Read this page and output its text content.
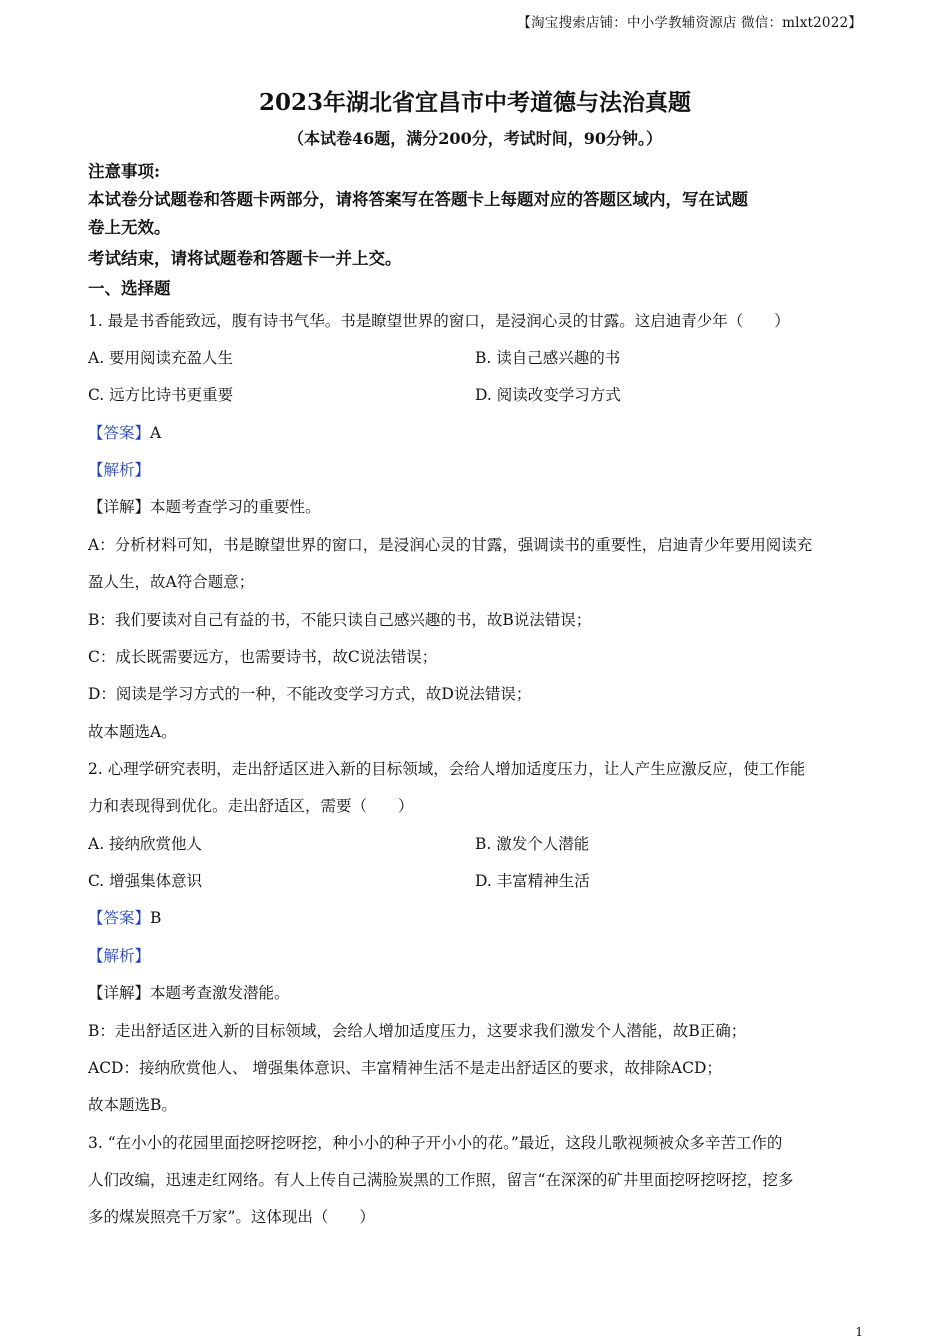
【淘宝搜索店铺：中小学教辅资源店 微信：mlxt2022】
2023年湖北省宜昌市中考道德与法治真题
（本试卷46题，满分200分，考试时间，90分钟。）
注意事项:
本试卷分试题卷和答题卡两部分，请将答案写在答题卡上每题对应的答题区域内，写在试题
卷上无效。
考试结束，请将试题卷和答题卡一并上交。
一、选择题
1. 最是书香能致远，腹有诗书气华。书是瞭望世界的窗口，是浸润心灵的甘露。这启迪青少年（　　）
A. 要用阅读充盈人生	B. 读自己感兴趣的书
C. 远方比诗书更重要	D. 阅读改变学习方式
【答案】A
【解析】
【详解】本题考查学习的重要性。
A：分析材料可知，书是瞭望世界的窗口，是浸润心灵的甘露，强调读书的重要性，启迪青少年要用阅读充
盈人生，故A符合题意；
B：我们要读对自己有益的书，不能只读自己感兴趣的书，故B说法错误；
C：成长既需要远方，也需要诗书，故C说法错误；
D：阅读是学习方式的一种，不能改变学习方式，故D说法错误；
故本题选A。
2. 心理学研究表明，走出舒适区进入新的目标领域，会给人增加适度压力，让人产生应激反应，使工作能
力和表现得到优化。走出舒适区，需要（　　）
A. 接纳欣赏他人	B. 激发个人潜能
C. 增强集体意识	D. 丰富精神生活
【答案】B
【解析】
【详解】本题考查激发潜能。
B：走出舒适区进入新的目标领域，会给人增加适度压力，这要求我们激发个人潜能，故B正确；
ACD：接纳欣赏他人、 增强集体意识、丰富精神生活不是走出舒适区的要求，故排除ACD；
故本题选B。
3. “在小小的花园里面挖呀挖呀挖，种小小的种子开小小的花。”最近，这段儿歌视频被众多辛苦工作的
人们改编，迅速走红网络。有人上传自己满脸炭黑的工作照，留言“在深深的矿井里面挖呀挖呀挖，挖多
多的煤炭照亮千万家”。这体现出（　　）
1
